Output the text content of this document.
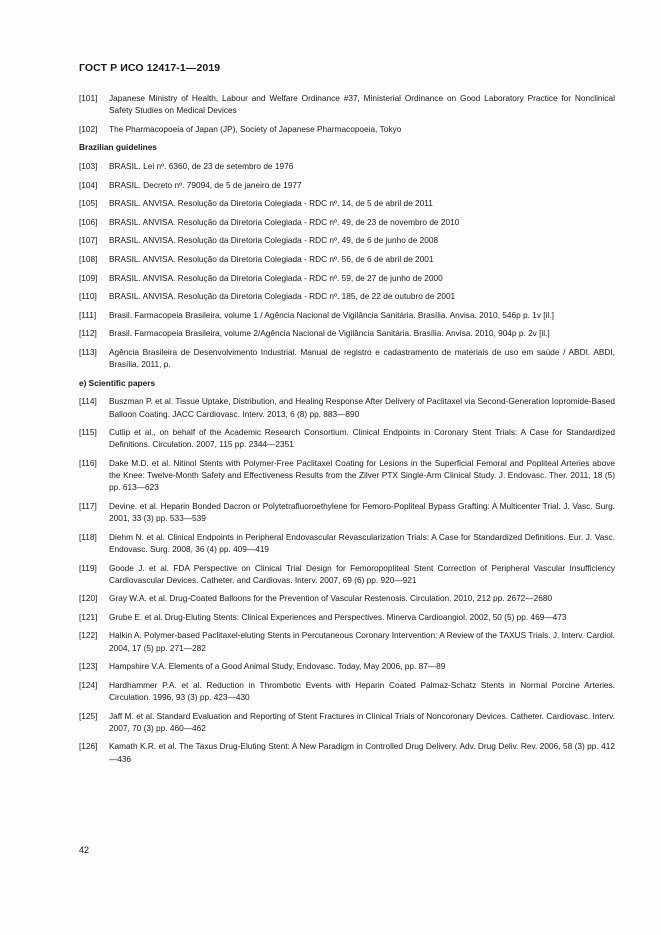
ГОСТ Р ИСО 12417-1—2019
[101]	Japanese Ministry of Health, Labour and Welfare Ordinance #37, Ministerial Ordinance on Good Laboratory Practice for Nonclinical Safety Studies on Medical Devices
[102]	The Pharmacopoeia of Japan (JP), Society of Japanese Pharmacopoeia, Tokyo
Brazilian guidelines
[103]	BRASIL. Lei nº. 6360, de 23 de setembro de 1976
[104]	BRASIL. Decreto nº. 79094, de 5 de janeiro de 1977
[105]	BRASIL. ANVISA. Resolução da Diretoria Colegiada - RDC nº. 14, de 5 de abril de 2011
[106]	BRASIL. ANVISA. Resolução da Diretoria Colegiada - RDC nº. 49, de 23 de novembro de 2010
[107]	BRASIL. ANVISA. Resolução da Diretoria Colegiada - RDC nº. 49, de 6 de junho de 2008
[108]	BRASIL. ANVISA. Resolução da Diretoria Colegiada - RDC nº. 56, de 6 de abril de 2001
[109]	BRASIL. ANVISA. Resolução da Diretoria Colegiada - RDC nº. 59, de 27 de junho de 2000
[110]	BRASIL. ANVISA. Resolução da Diretoria Colegiada - RDC nº. 185, de 22 de outubro de 2001
[111]	Brasil. Farmacopeia Brasileira, volume 1 / Agência Nacional de Vigilância Sanitária. Brasília. Anvisa. 2010, 546p p. 1v [il.]
[112]	Brasil. Farmacopeia Brasileira, volume 2/Agência Nacional de Vigilância Sanitária. Brasília. Anvisa. 2010, 904p p. 2v [il.]
[113]	Agência Brasileira de Desenvolvimento Industrial. Manual de registro e cadastramento de materiais de uso em saúde / ABDI. ABDI, Brasília, 2011, p.
e) Scientific papers
[114]	Buszman P. et al. Tissue Uptake, Distribution, and Healing Response After Delivery of Paclitaxel via Second-Generation Iopromide-Based Balloon Coating. JACC Cardiovasc. Interv. 2013, 6 (8) pp. 883—890
[115]	Cutlip et al., on behalf of the Academic Research Consortium. Clinical Endpoints in Coronary Stent Trials: A Case for Standardized Definitions. Circulation. 2007, 115 pp. 2344—2351
[116]	Dake M.D. et al. Nitinol Stents with Polymer-Free Paclitaxel Coating for Lesions in the Superficial Femoral and Popliteal Arteries above the Knee: Twelve-Month Safety and Effectiveness Results from the Zilver PTX Single-Arm Clinical Study. J. Endovasc. Ther. 2011, 18 (5) pp. 613—623
[117]	Devine. et al. Heparin Bonded Dacron or Polytetrafluoroethylene for Femoro-Popliteal Bypass Grafting: A Multicenter Trial. J. Vasc. Surg. 2001, 33 (3) pp. 533—539
[118]	Diehm N. et al. Clinical Endpoints in Peripheral Endovascular Revascularization Trials: A Case for Standardized Definitions. Eur. J. Vasc. Endovasc. Surg. 2008, 36 (4) pp. 409—419
[119]	Goode J. et al. FDA Perspective on Clinical Trial Design for Femoropopliteal Stent Correction of Peripheral Vascular Insufficiency Cardiovascular Devices. Catheter. and Cardiovas. Interv. 2007, 69 (6) pp. 920—921
[120]	Gray W.A. et al. Drug-Coated Balloons for the Prevention of Vascular Restenosis. Circulation. 2010, 212 pp. 2672—2680
[121]	Grube E. et al. Drug-Eluting Stents: Clinical Experiences and Perspectives. Minerva Cardioangiol. 2002, 50 (5) pp. 469—473
[122]	Halkin A. Polymer-based Paclitaxel-eluting Stents in Percutaneous Coronary Intervention: A Review of the TAXUS Trials. J. Interv. Cardiol. 2004, 17 (5) pp. 271—282
[123]	Hampshire V.A. Elements of a Good Animal Study, Endovasc. Today, May 2006, pp. 87—89
[124]	Hardhammer P.A. et al. Reduction in Thrombotic Events with Heparin Coated Palmaz-Schatz Stents in Normal Porcine Arteries. Circulation. 1996, 93 (3) pp. 423—430
[125]	Jaff M. et al. Standard Evaluation and Reporting of Stent Fractures in Clinical Trials of Noncoronary Devices. Catheter. Cardiovasc. Interv. 2007, 70 (3) pp. 460—462
[126]	Kamath K.R. et al. The Taxus Drug-Eluting Stent: A New Paradigm in Controlled Drug Delivery. Adv. Drug Deliv. Rev. 2006, 58 (3) pp. 412—436
42
